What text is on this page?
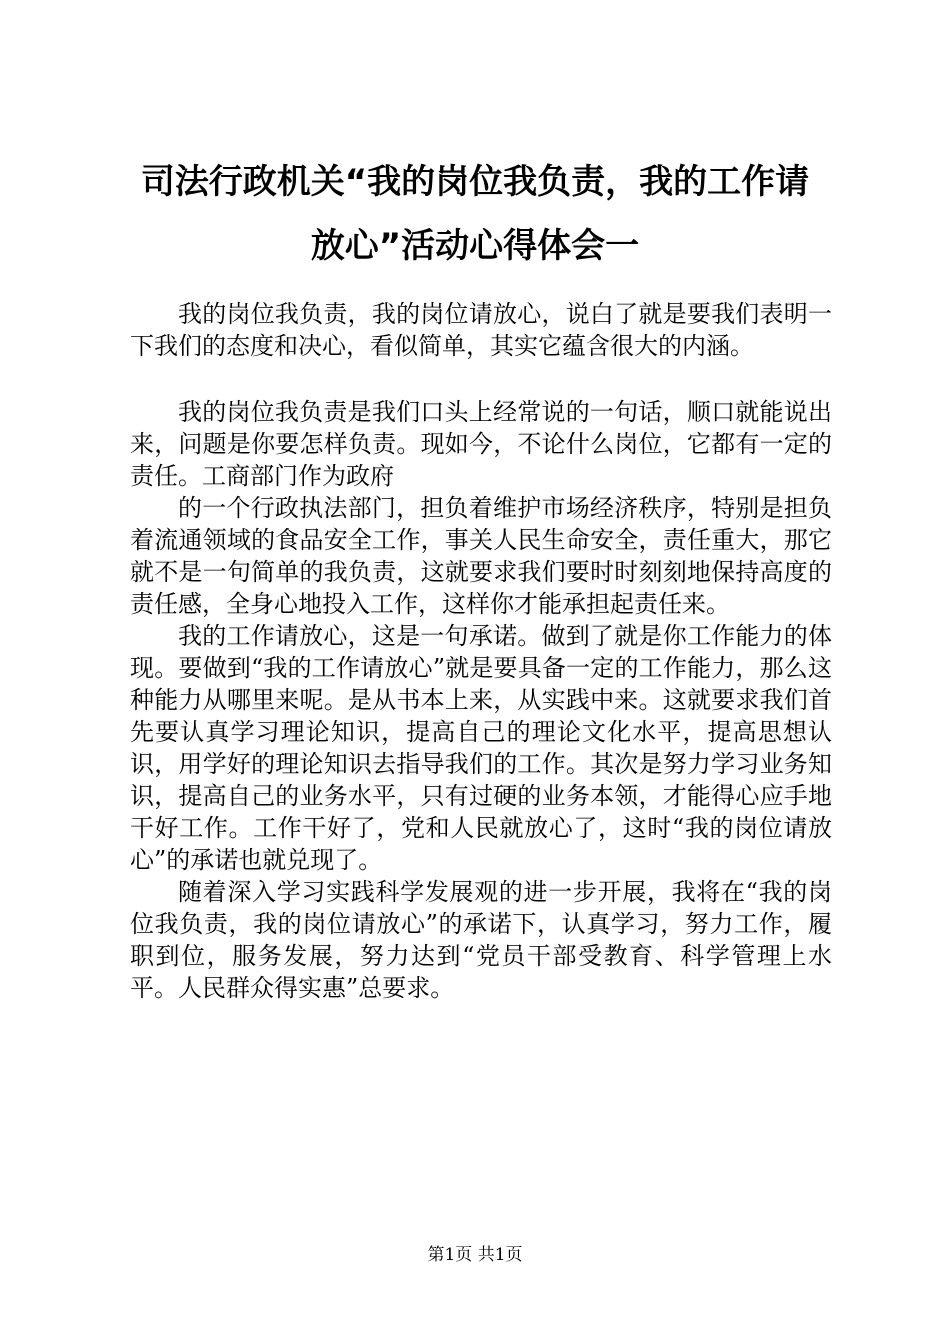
司法行政机关“我的岗位我负责，我的工作请
放心”活动心得体会一

我的岗位我负责，我的岗位请放心，说白了就是要我们表明一下我们的态度和决心，看似简单，其实它蕴含很大的内涵。

我的岗位我负责是我们口头上经常说的一句话，顺口就能说出来，问题是你要怎样负责。现如今，不论什么岗位，它都有一定的责任。工商部门作为政府

的一个行政执法部门，担负着维护市场经济秩序，特别是担负着流通领域的食品安全工作，事关人民生命安全，责任重大，那它就不是一句简单的我负责，这就要求我们要时时刻刻地保持高度的责任感，全身心地投入工作，这样你才能承担起责任来。

我的工作请放心，这是一句承诺。做到了就是你工作能力的体现。要做到“我的工作请放心”就是要具备一定的工作能力，那么这种能力从哪里来呢。是从书本上来，从实践中来。这就要求我们首先要认真学习理论知识，提高自己的理论文化水平，提高思想认识，用学好的理论知识去指导我们的工作。其次是努力学习业务知识，提高自己的业务水平，只有过硬的业务本领，才能得心应手地干好工作。工作干好了，党和人民就放心了，这时“我的岗位请放心”的承诺也就兑现了。

随着深入学习实践科学发展观的进一步开展，我将在“我的岗位我负责，我的岗位请放心”的承诺下，认真学习，努力工作，履职到位，服务发展，努力达到“党员干部受教育、科学管理上水平。人民群众得实惠”总要求。

第1页 共1页
